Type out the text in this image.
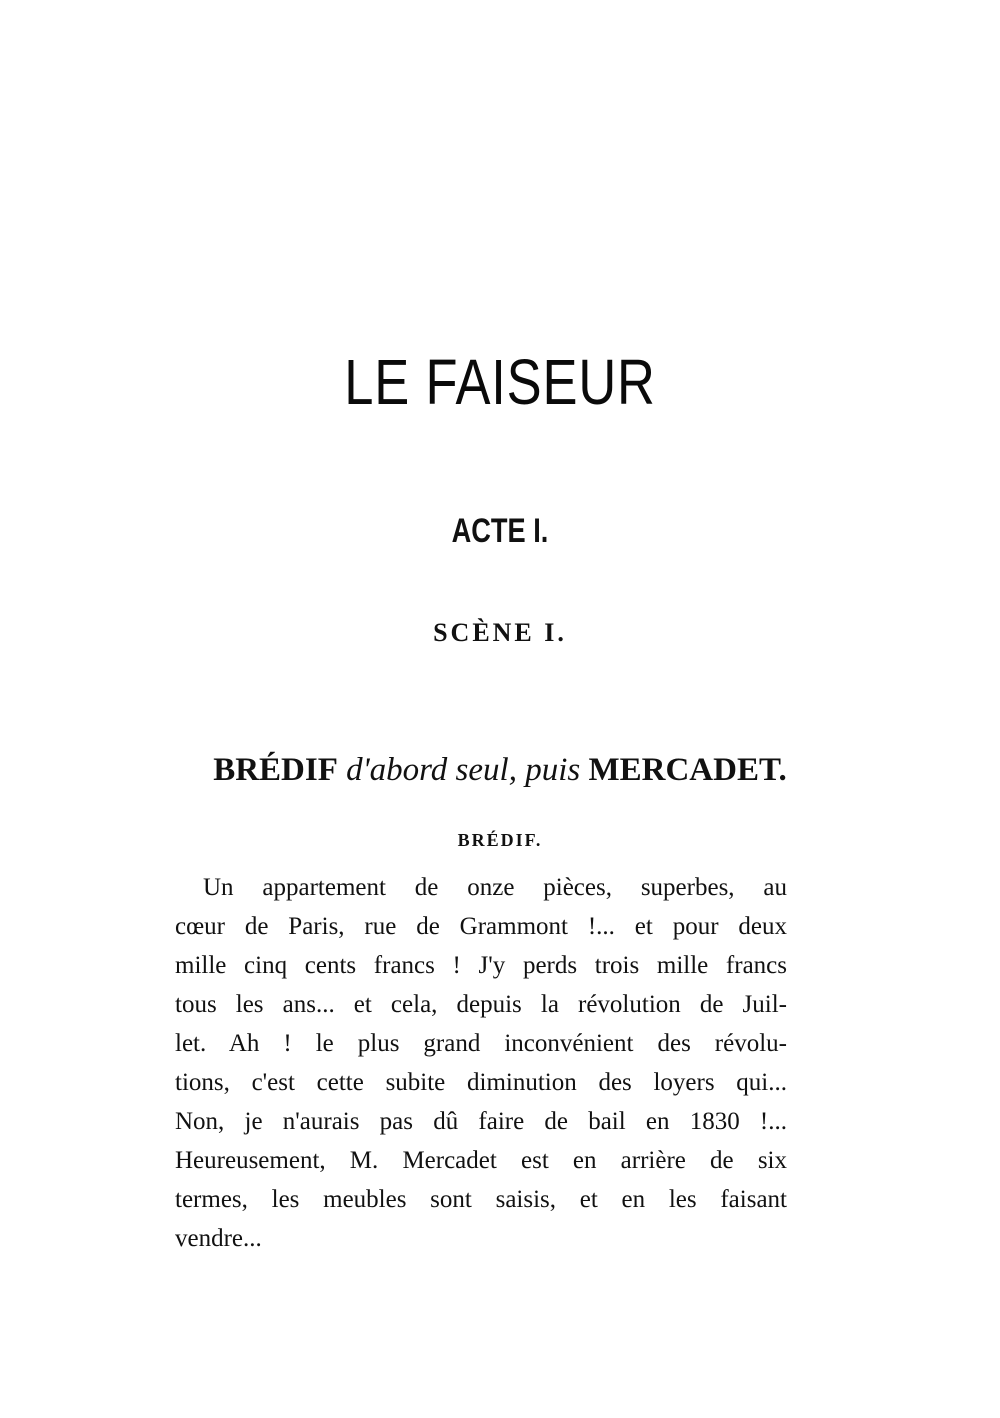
LE FAISEUR
ACTE I.
SCÈNE I.
BRÉDIF d'abord seul, puis MERCADET.
BRÉDIF.
Un appartement de onze pièces, superbes, au
cœur de Paris, rue de Grammont !... et pour deux
mille cinq cents francs ! J'y perds trois mille francs
tous les ans... et cela, depuis la révolution de Juil-
let. Ah ! le plus grand inconvénient des révolu-
tions, c'est cette subite diminution des loyers qui...
Non, je n'aurais pas dû faire de bail en 1830 !...
Heureusement, M. Mercadet est en arrière de six
termes, les meubles sont saisis, et en les faisant
vendre...
